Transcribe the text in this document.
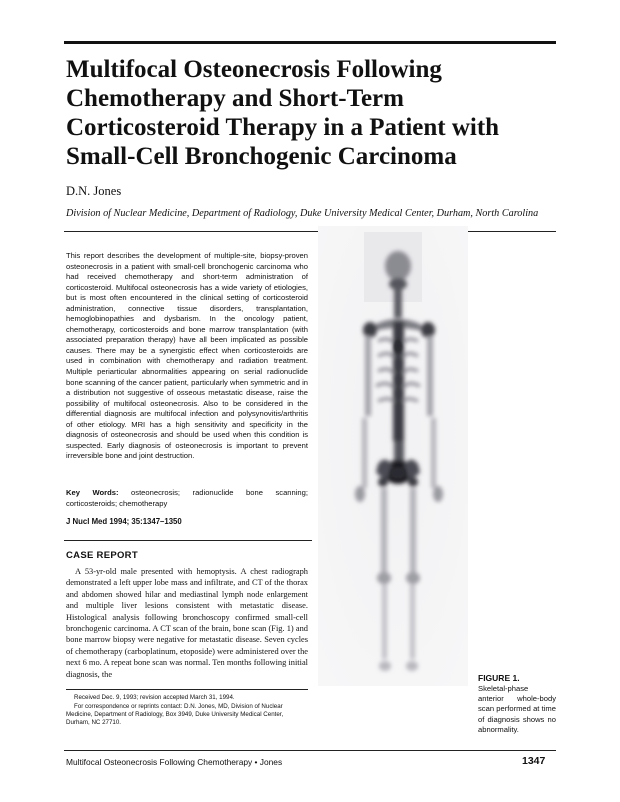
Multifocal Osteonecrosis Following Chemotherapy and Short-Term Corticosteroid Therapy in a Patient with Small-Cell Bronchogenic Carcinoma
D.N. Jones
Division of Nuclear Medicine, Department of Radiology, Duke University Medical Center, Durham, North Carolina

This report describes the development of multiple-site, biopsy-proven osteonecrosis in a patient with small-cell bronchogenic carcinoma who had received chemotherapy and short-term administration of corticosteroid. Multifocal osteonecrosis has a wide variety of etiologies, but is most often encountered in the clinical setting of corticosteroid administration, connective tissue disorders, transplantation, hemoglobinopathies and dysbarism. In the oncology patient, chemotherapy, corticosteroids and bone marrow transplantation (with associated preparation therapy) have all been implicated as possible causes. There may be a synergistic effect when corticosteroids are used in combination with chemotherapy and radiation treatment. Multiple periarticular abnormalities appearing on serial radionuclide bone scanning of the cancer patient, particularly when symmetric and in a distribution not suggestive of osseous metastatic disease, raise the possibility of multifocal osteonecrosis. Also to be considered in the differential diagnosis are multifocal infection and polysynovitis/arthritis of other etiology. MRI has a high sensitivity and specificity in the diagnosis of osteonecrosis and should be used when this condition is suspected. Early diagnosis of osteonecrosis is important to prevent irreversible bone and joint destruction.

Key Words: osteonecrosis; radionuclide bone scanning; corticosteroids; chemotherapy

J Nucl Med 1994; 35:1347–1350
CASE REPORT

A 53-yr-old male presented with hemoptysis. A chest radiograph demonstrated a left upper lobe mass and infiltrate, and CT of the thorax and abdomen showed hilar and mediastinal lymph node enlargement and multiple liver lesions consistent with metastatic disease. Histological analysis following bronchoscopy confirmed small-cell bronchogenic carcinoma. A CT scan of the brain, bone scan (Fig. 1) and bone marrow biopsy were negative for metastatic disease. Seven cycles of chemotherapy (carboplatinum, etoposide) were administered over the next 6 mo. A repeat bone scan was normal. Ten months following initial diagnosis, the

Received Dec. 9, 1993; revision accepted March 31, 1994.

For correspondence or reprints contact: D.N. Jones, MD, Division of Nuclear Medicine, Department of Radiology, Box 3949, Duke University Medical Center, Durham, NC 27710.

FIGURE 1.

Skeletal-phase anterior whole-body scan performed at time of diagnosis shows no abnormality.

Multifocal Osteonecrosis Following Chemotherapy • Jones	1347
